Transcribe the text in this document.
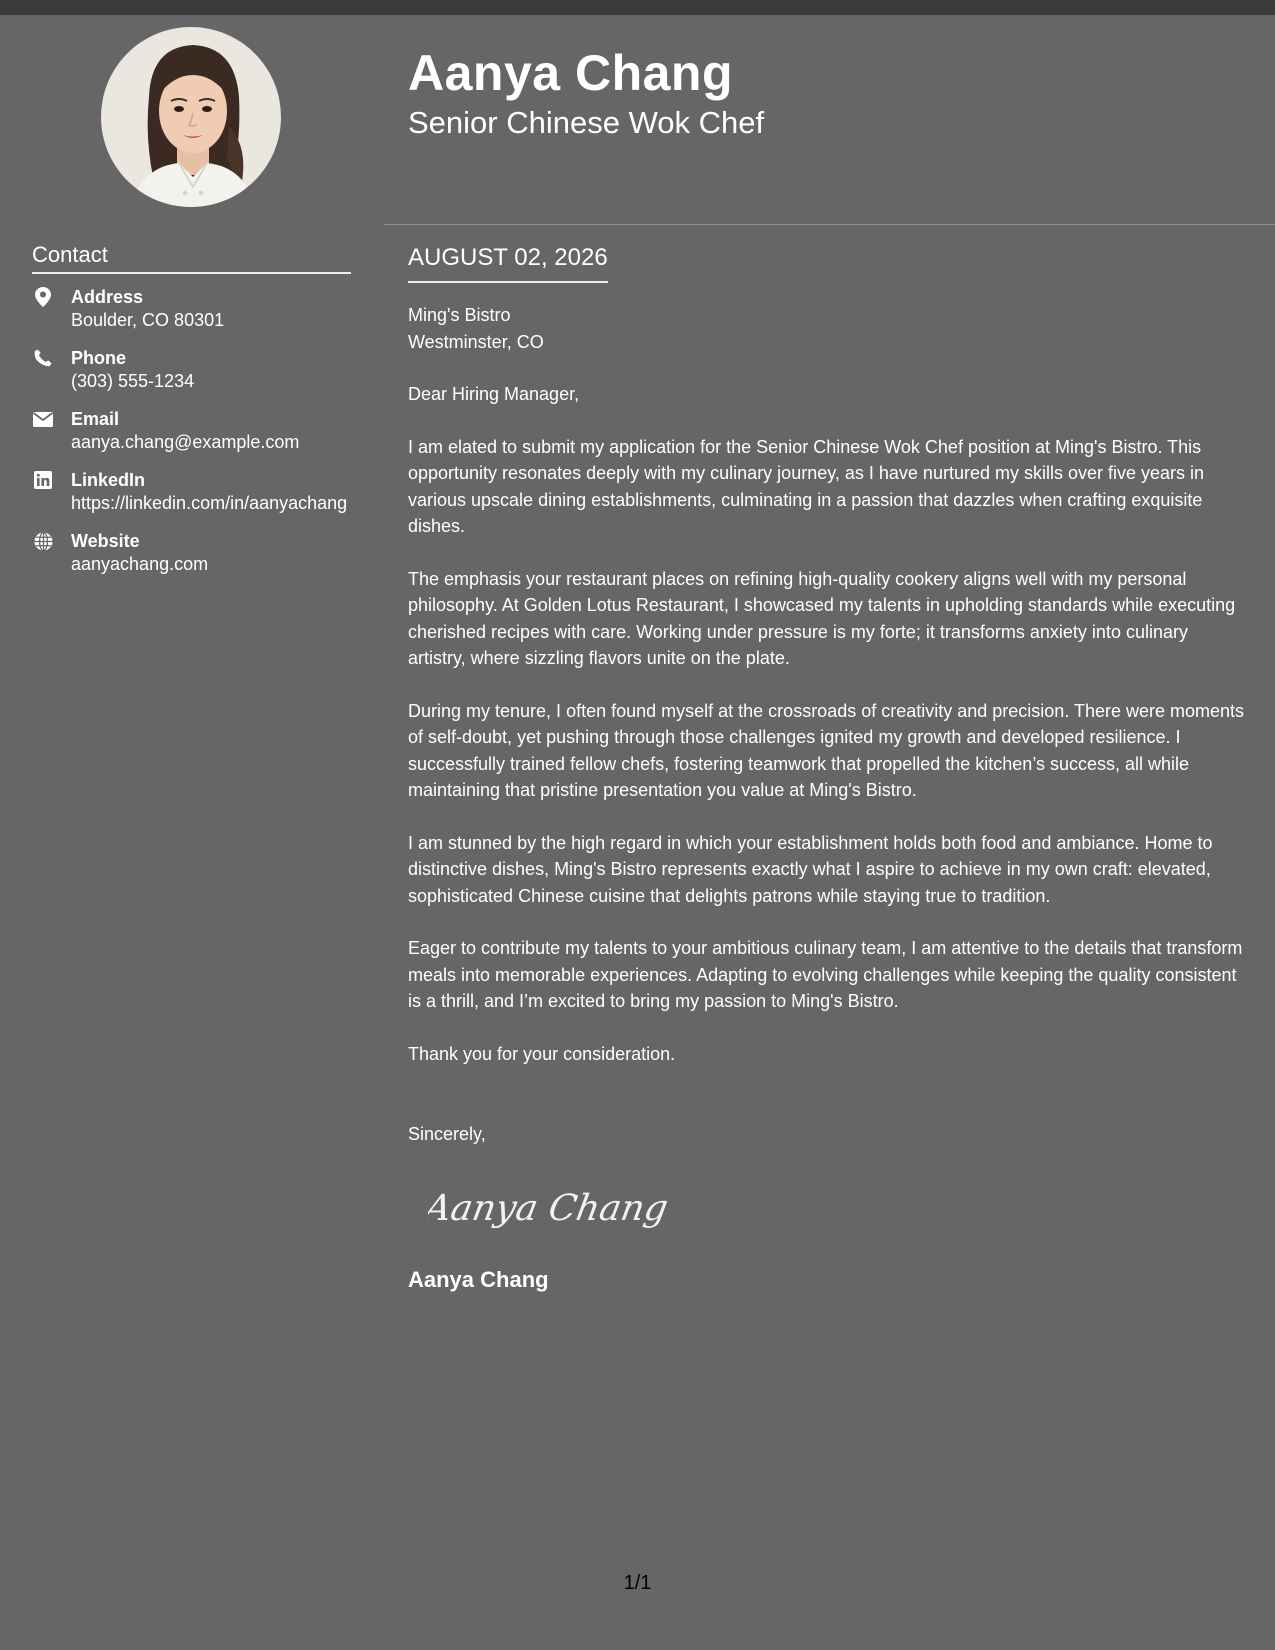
Contact
Address
Boulder, CO 80301
Phone
(303) 555-1234
Email
aanya.chang@example.com
LinkedIn
https://linkedin.com/in/aanyachang
Website
aanyachang.com
Aanya Chang
Senior Chinese Wok Chef
AUGUST 02, 2026
Ming's Bistro
Westminster, CO

Dear Hiring Manager,

I am elated to submit my application for the Senior Chinese Wok Chef position at Ming's Bistro. This opportunity resonates deeply with my culinary journey, as I have nurtured my skills over five years in various upscale dining establishments, culminating in a passion that dazzles when crafting exquisite dishes.

The emphasis your restaurant places on refining high-quality cookery aligns well with my personal philosophy. At Golden Lotus Restaurant, I showcased my talents in upholding standards while executing cherished recipes with care. Working under pressure is my forte; it transforms anxiety into culinary artistry, where sizzling flavors unite on the plate.

During my tenure, I often found myself at the crossroads of creativity and precision. There were moments of self-doubt, yet pushing through those challenges ignited my growth and developed resilience. I successfully trained fellow chefs, fostering teamwork that propelled the kitchen’s success, all while maintaining that pristine presentation you value at Ming's Bistro.

I am stunned by the high regard in which your establishment holds both food and ambiance. Home to distinctive dishes, Ming's Bistro represents exactly what I aspire to achieve in my own craft: elevated, sophisticated Chinese cuisine that delights patrons while staying true to tradition.

Eager to contribute my talents to your ambitious culinary team, I am attentive to the details that transform meals into memorable experiences. Adapting to evolving challenges while keeping the quality consistent is a thrill, and I’m excited to bring my passion to Ming's Bistro.

Thank you for your consideration.

Sincerely,
Aanya Chang
Aanya Chang
1/1
